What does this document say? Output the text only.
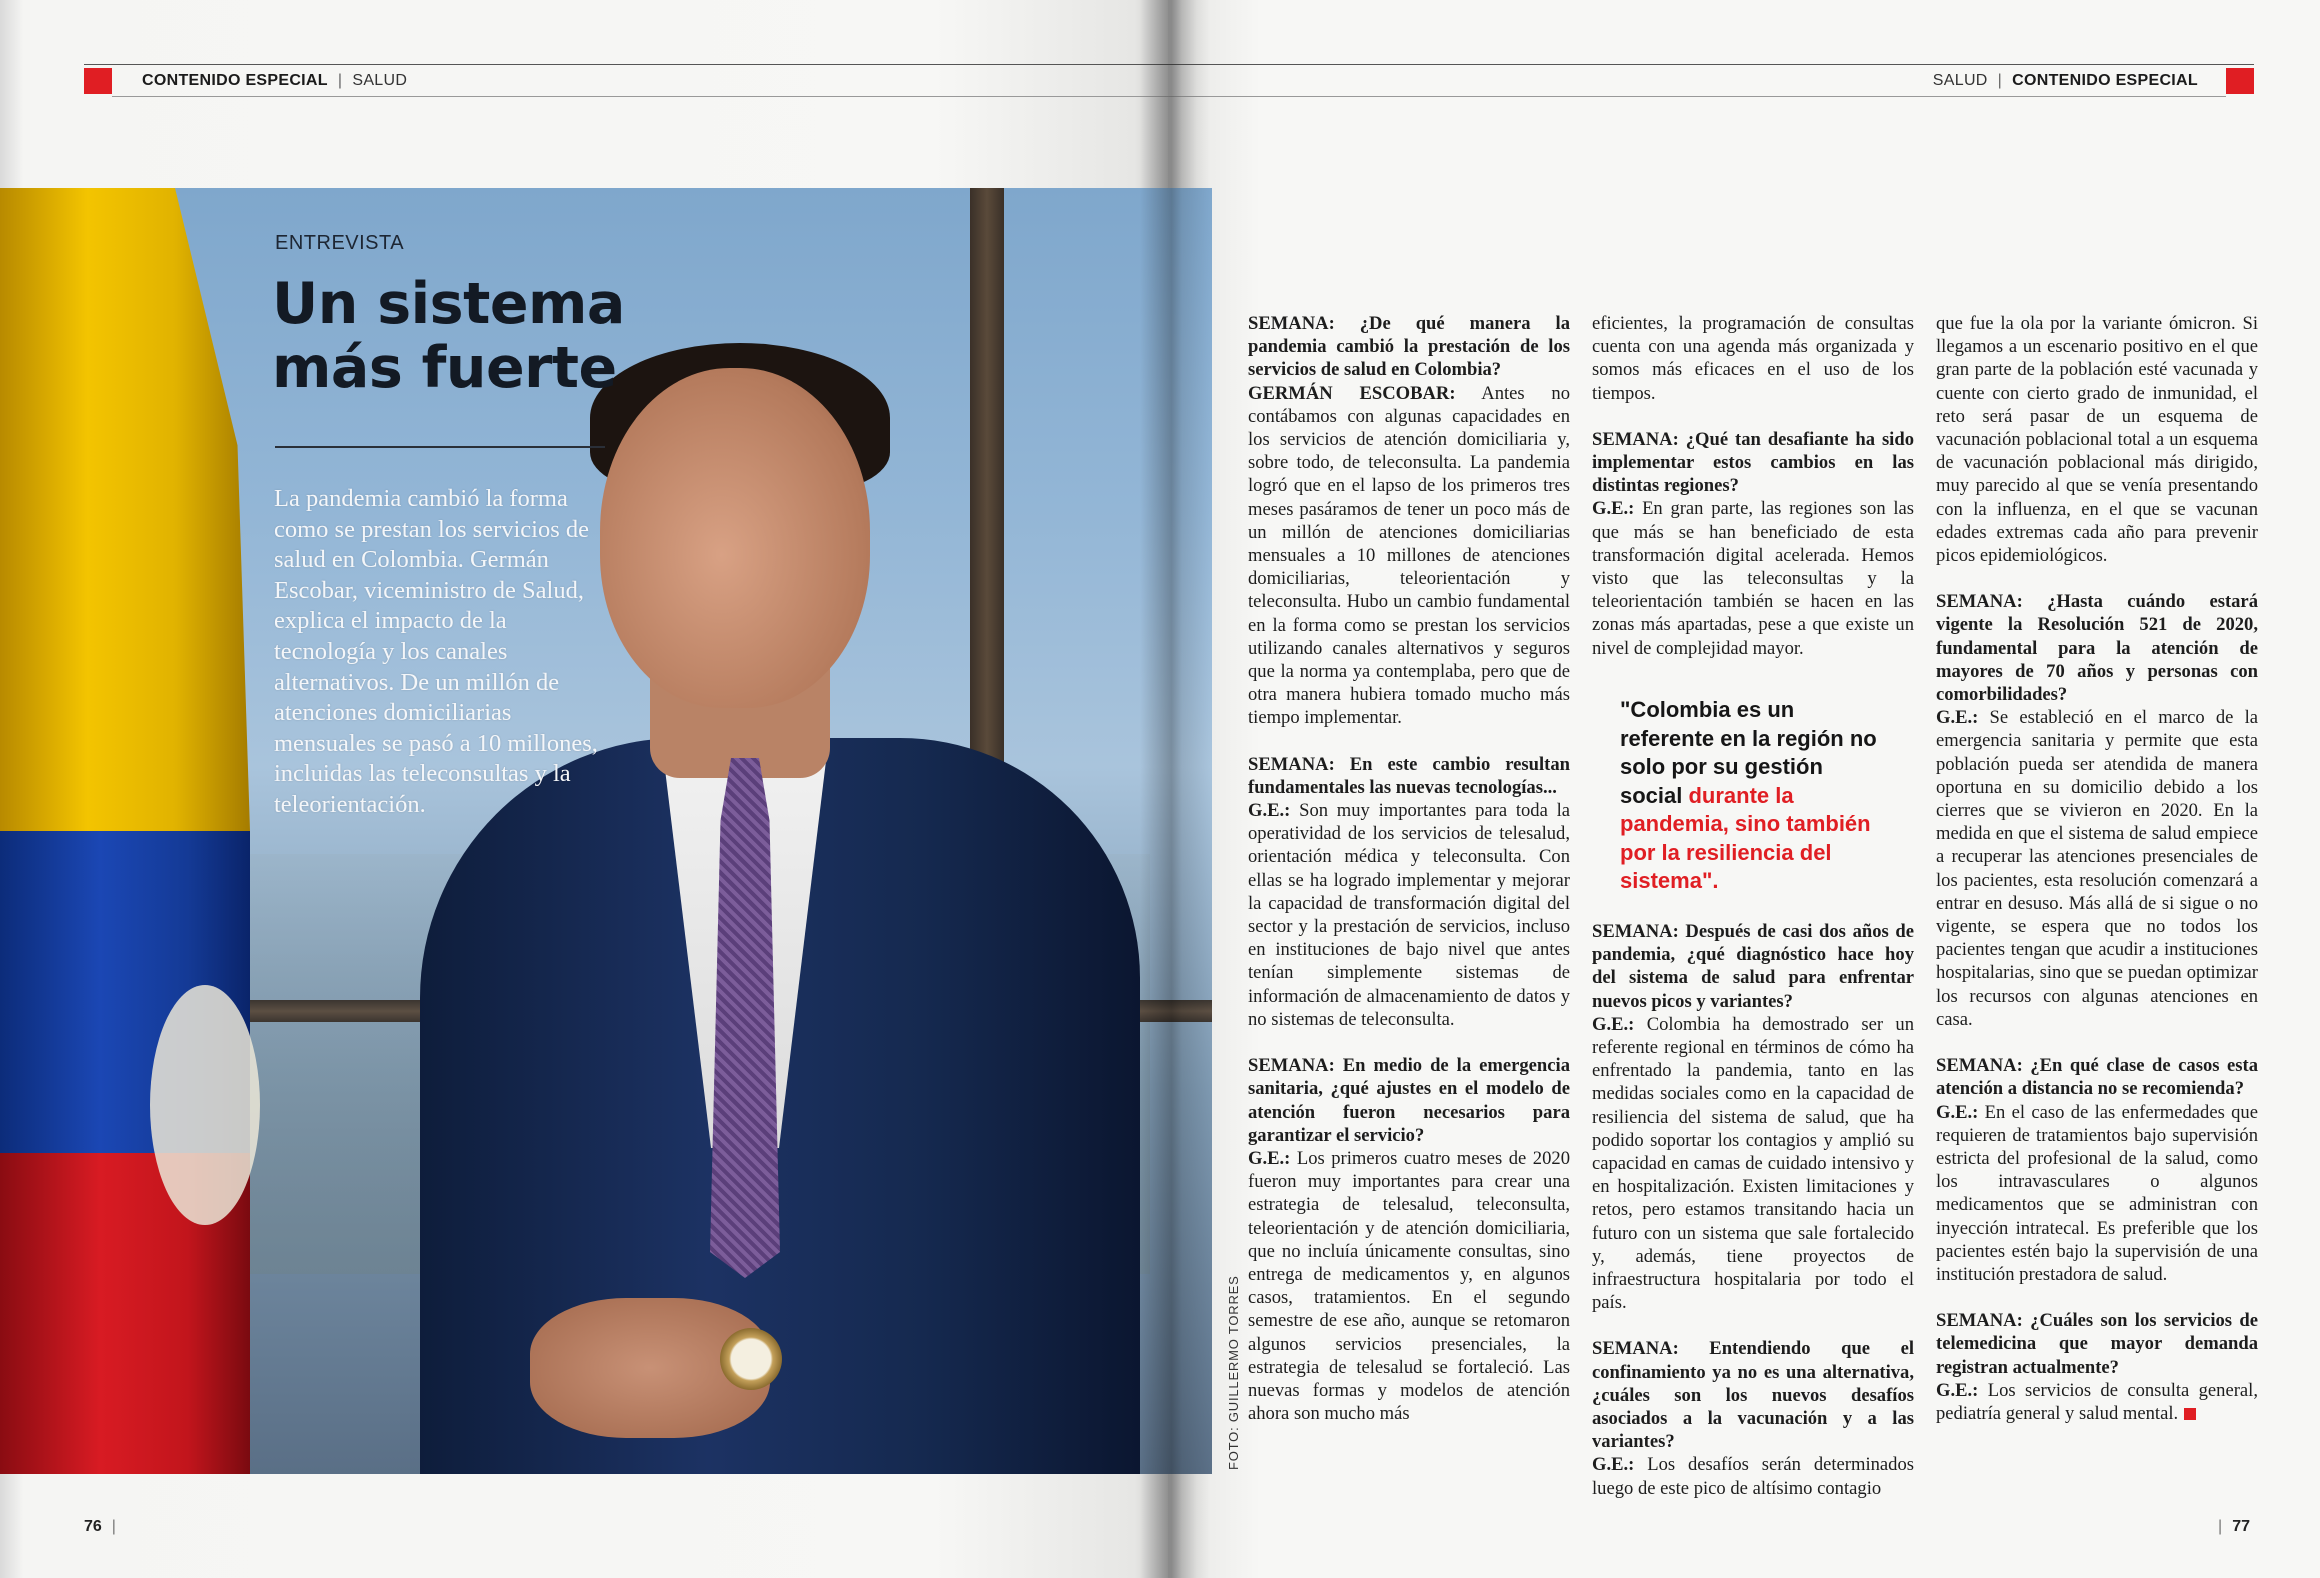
CONTENIDO ESPECIAL | SALUD	SALUD | CONTENIDO ESPECIAL
FOTO: GUILLERMO TORRES
ENTREVISTA
Un sistema
más fuerte
La pandemia cambió la forma como se prestan los servicios de salud en Colombia. Germán Escobar, viceministro de Salud, explica el impacto de la tecnología y los canales alternativos. De un millón de atenciones domiciliarias mensuales se pasó a 10 millones, incluidas las teleconsultas y la teleorientación.

SEMANA: ¿De qué manera la pandemia cambió la prestación de los servicios de salud en Colombia?
GERMÁN ESCOBAR: Antes no contábamos con algunas capacidades en los servicios de atención domiciliaria y, sobre todo, de teleconsulta. La pandemia logró que en el lapso de los primeros tres meses pasáramos de tener un poco más de un millón de atenciones domiciliarias mensuales a 10 millones de atenciones domiciliarias, teleorientación y teleconsulta. Hubo un cambio fundamental en la forma como se prestan los servicios utilizando canales alternativos y seguros que la norma ya contemplaba, pero que de otra manera hubiera tomado mucho más tiempo implementar.

SEMANA: En este cambio resultan fundamentales las nuevas tecnologías...
G.E.: Son muy importantes para toda la operatividad de los servicios de telesalud, orientación médica y teleconsulta. Con ellas se ha logrado implementar y mejorar la capacidad de transformación digital del sector y la prestación de servicios, incluso en instituciones de bajo nivel que antes tenían simplemente sistemas de información de almacenamiento de datos y no sistemas de teleconsulta.

SEMANA: En medio de la emergencia sanitaria, ¿qué ajustes en el modelo de atención fueron necesarios para garantizar el servicio?
G.E.: Los primeros cuatro meses de 2020 fueron muy importantes para crear una estrategia de telesalud, teleconsulta, teleorientación y de atención domiciliaria, que no incluía únicamente consultas, sino entrega de medicamentos y, en algunos casos, tratamientos. En el segundo semestre de ese año, aunque se retomaron algunos servicios presenciales, la estrategia de telesalud se fortaleció. Las nuevas formas y modelos de atención ahora son mucho más

eficientes, la programación de consultas cuenta con una agenda más organizada y somos más eficaces en el uso de los tiempos.

SEMANA: ¿Qué tan desafiante ha sido implementar estos cambios en las distintas regiones?
G.E.: En gran parte, las regiones son las que más se han beneficiado de esta transformación digital acelerada. Hemos visto que las teleconsultas y la teleorientación también se hacen en las zonas más apartadas, pese a que existe un nivel de complejidad mayor.

"Colombia es un referente en la región no solo por su gestión social durante la pandemia, sino también por la resiliencia del sistema".

SEMANA: Después de casi dos años de pandemia, ¿qué diagnóstico hace hoy del sistema de salud para enfrentar nuevos picos y variantes?
G.E.: Colombia ha demostrado ser un referente regional en términos de cómo ha enfrentado la pandemia, tanto en las medidas sociales como en la capacidad de resiliencia del sistema de salud, que ha podido soportar los contagios y amplió su capacidad en camas de cuidado intensivo y en hospitalización. Existen limitaciones y retos, pero estamos transitando hacia un futuro con un sistema que sale fortalecido y, además, tiene proyectos de infraestructura hospitalaria por todo el país.

SEMANA: Entendiendo que el confinamiento ya no es una alternativa, ¿cuáles son los nuevos desafíos asociados a la vacunación y a las variantes?
G.E.: Los desafíos serán determinados luego de este pico de altísimo contagio

que fue la ola por la variante ómicron. Si llegamos a un escenario positivo en el que gran parte de la población esté vacunada y cuente con cierto grado de inmunidad, el reto será pasar de un esquema de vacunación poblacional total a un esquema de vacunación poblacional más dirigido, muy parecido al que se venía presentando con la influenza, en el que se vacunan edades extremas cada año para prevenir picos epidemiológicos.

SEMANA: ¿Hasta cuándo estará vigente la Resolución 521 de 2020, fundamental para la atención de mayores de 70 años y personas con comorbilidades?
G.E.: Se estableció en el marco de la emergencia sanitaria y permite que esta población pueda ser atendida de manera oportuna en su domicilio debido a los cierres que se vivieron en 2020. En la medida en que el sistema de salud empiece a recuperar las atenciones presenciales de los pacientes, esta resolución comenzará a entrar en desuso. Más allá de si sigue o no vigente, se espera que no todos los pacientes tengan que acudir a instituciones hospitalarias, sino que se puedan optimizar los recursos con algunas atenciones en casa.

SEMANA: ¿En qué clase de casos esta atención a distancia no se recomienda?
G.E.: En el caso de las enfermedades que requieren de tratamientos bajo supervisión estricta del profesional de la salud, como los intravasculares o algunos medicamentos que se administran con inyección intratecal. Es preferible que los pacientes estén bajo la supervisión de una institución prestadora de salud.

SEMANA: ¿Cuáles son los servicios de telemedicina que mayor demanda registran actualmente?
G.E.: Los servicios de consulta general, pediatría general y salud mental.

76 |	| 77
